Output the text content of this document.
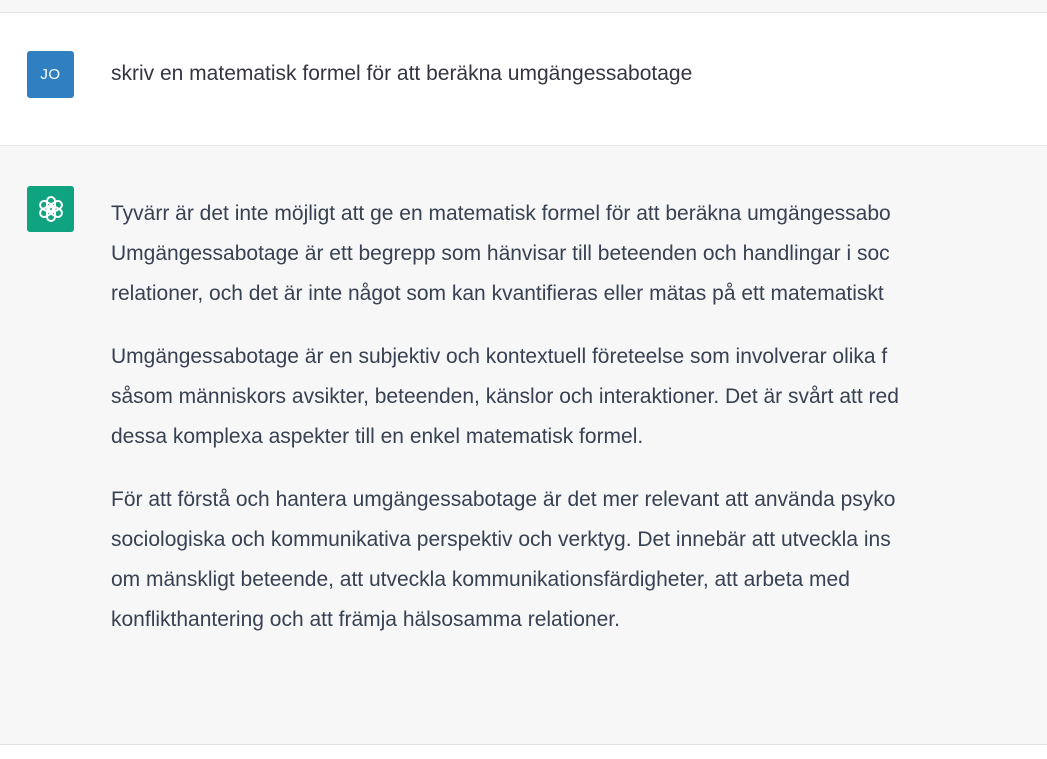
JO	skriv en matematisk formel för att beräkna umgängessabotage

Tyvärr är det inte möjligt att ge en matematisk formel för att beräkna umgängessabo
Umgängessabotage är ett begrepp som hänvisar till beteenden och handlingar i soc
relationer, och det är inte något som kan kvantifieras eller mätas på ett matematiskt

Umgängessabotage är en subjektiv och kontextuell företeelse som involverar olika f
såsom människors avsikter, beteenden, känslor och interaktioner. Det är svårt att red
dessa komplexa aspekter till en enkel matematisk formel.

För att förstå och hantera umgängessabotage är det mer relevant att använda psyko
sociologiska och kommunikativa perspektiv och verktyg. Det innebär att utveckla ins
om mänskligt beteende, att utveckla kommunikationsfärdigheter, att arbeta med
konflikthantering och att främja hälsosamma relationer.
